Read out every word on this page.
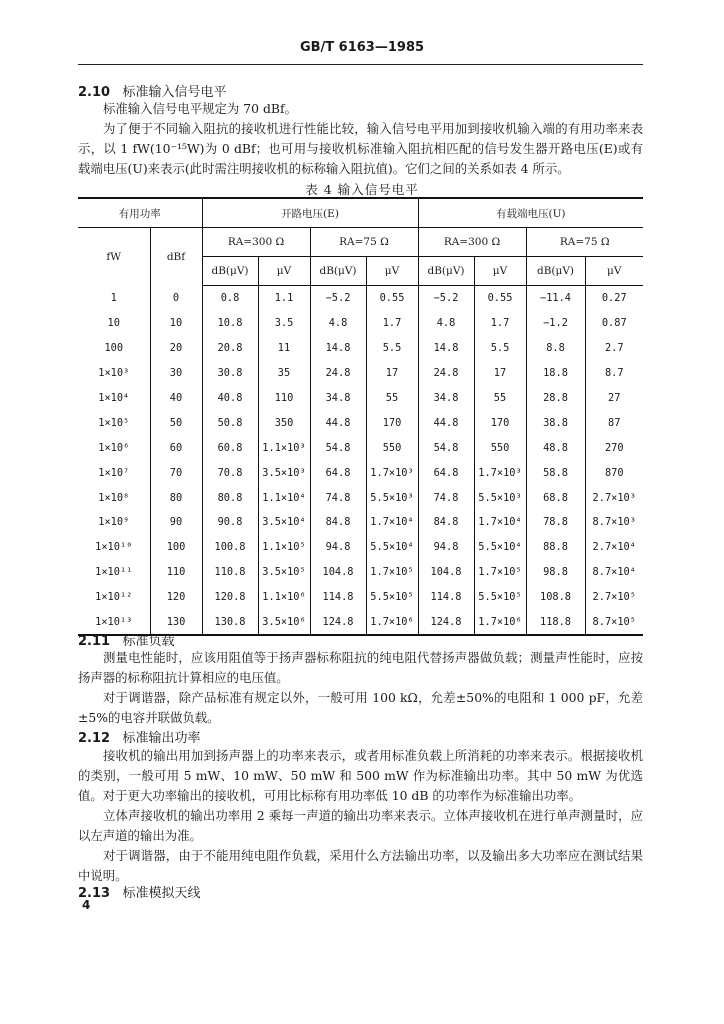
GB/T 6163—1985
2.10 标准输入信号电平
标准输入信号电平规定为 70 dBf。
为了便于不同输入阻抗的接收机进行性能比较，输入信号电平用加到接收机输入端的有用功率来表示，以 1 fW(10⁻¹⁵W)为 0 dBf；也可用与接收机标准输入阻抗相匹配的信号发生器开路电压(E)或有载端电压(U)来表示(此时需注明接收机的标称输入阻抗值)。它们之间的关系如表 4 所示。
表 4 输入信号电平
有用功率		开路电压(E)				有载端电压(U)			
fW	dBf	RA=300 Ω		RA=75 Ω		RA=300 Ω		RA=75 Ω	
		dB(μV)	μV	dB(μV)	μV	dB(μV)	μV	dB(μV)	μV
1	0	0.8	1.1	−5.2	0.55	−5.2	0.55	−11.4	0.27
10	10	10.8	3.5	4.8	1.7	4.8	1.7	−1.2	0.87
100	20	20.8	11	14.8	5.5	14.8	5.5	8.8	2.7
1×10³	30	30.8	35	24.8	17	24.8	17	18.8	8.7
1×10⁴	40	40.8	110	34.8	55	34.8	55	28.8	27
1×10⁵	50	50.8	350	44.8	170	44.8	170	38.8	87
1×10⁶	60	60.8	1.1×10³	54.8	550	54.8	550	48.8	270
1×10⁷	70	70.8	3.5×10³	64.8	1.7×10³	64.8	1.7×10³	58.8	870
1×10⁸	80	80.8	1.1×10⁴	74.8	5.5×10³	74.8	5.5×10³	68.8	2.7×10³
1×10⁹	90	90.8	3.5×10⁴	84.8	1.7×10⁴	84.8	1.7×10⁴	78.8	8.7×10³
1×10¹⁰	100	100.8	1.1×10⁵	94.8	5.5×10⁴	94.8	5.5×10⁴	88.8	2.7×10⁴
1×10¹¹	110	110.8	3.5×10⁵	104.8	1.7×10⁵	104.8	1.7×10⁵	98.8	8.7×10⁴
1×10¹²	120	120.8	1.1×10⁶	114.8	5.5×10⁵	114.8	5.5×10⁵	108.8	2.7×10⁵
1×10¹³	130	130.8	3.5×10⁶	124.8	1.7×10⁶	124.8	1.7×10⁶	118.8	8.7×10⁵
2.11 标准负载
测量电性能时，应该用阻值等于扬声器标称阻抗的纯电阻代替扬声器做负载；测量声性能时，应按扬声器的标称阻抗计算相应的电压值。
对于调谐器，除产品标准有规定以外，一般可用 100 kΩ，允差±50%的电阻和 1 000 pF，允差±5%的电容并联做负载。
2.12 标准输出功率
接收机的输出用加到扬声器上的功率来表示，或者用标准负载上所消耗的功率来表示。根据接收机的类别，一般可用 5 mW、10 mW、50 mW 和 500 mW 作为标准输出功率。其中 50 mW 为优选值。对于更大功率输出的接收机，可用比标称有用功率低 10 dB 的功率作为标准输出功率。
立体声接收机的输出功率用 2 乘每一声道的输出功率来表示。立体声接收机在进行单声测量时，应以左声道的输出为准。
对于调谐器，由于不能用纯电阻作负载，采用什么方法输出功率，以及输出多大功率应在测试结果中说明。
2.13 标准模拟天线
4
